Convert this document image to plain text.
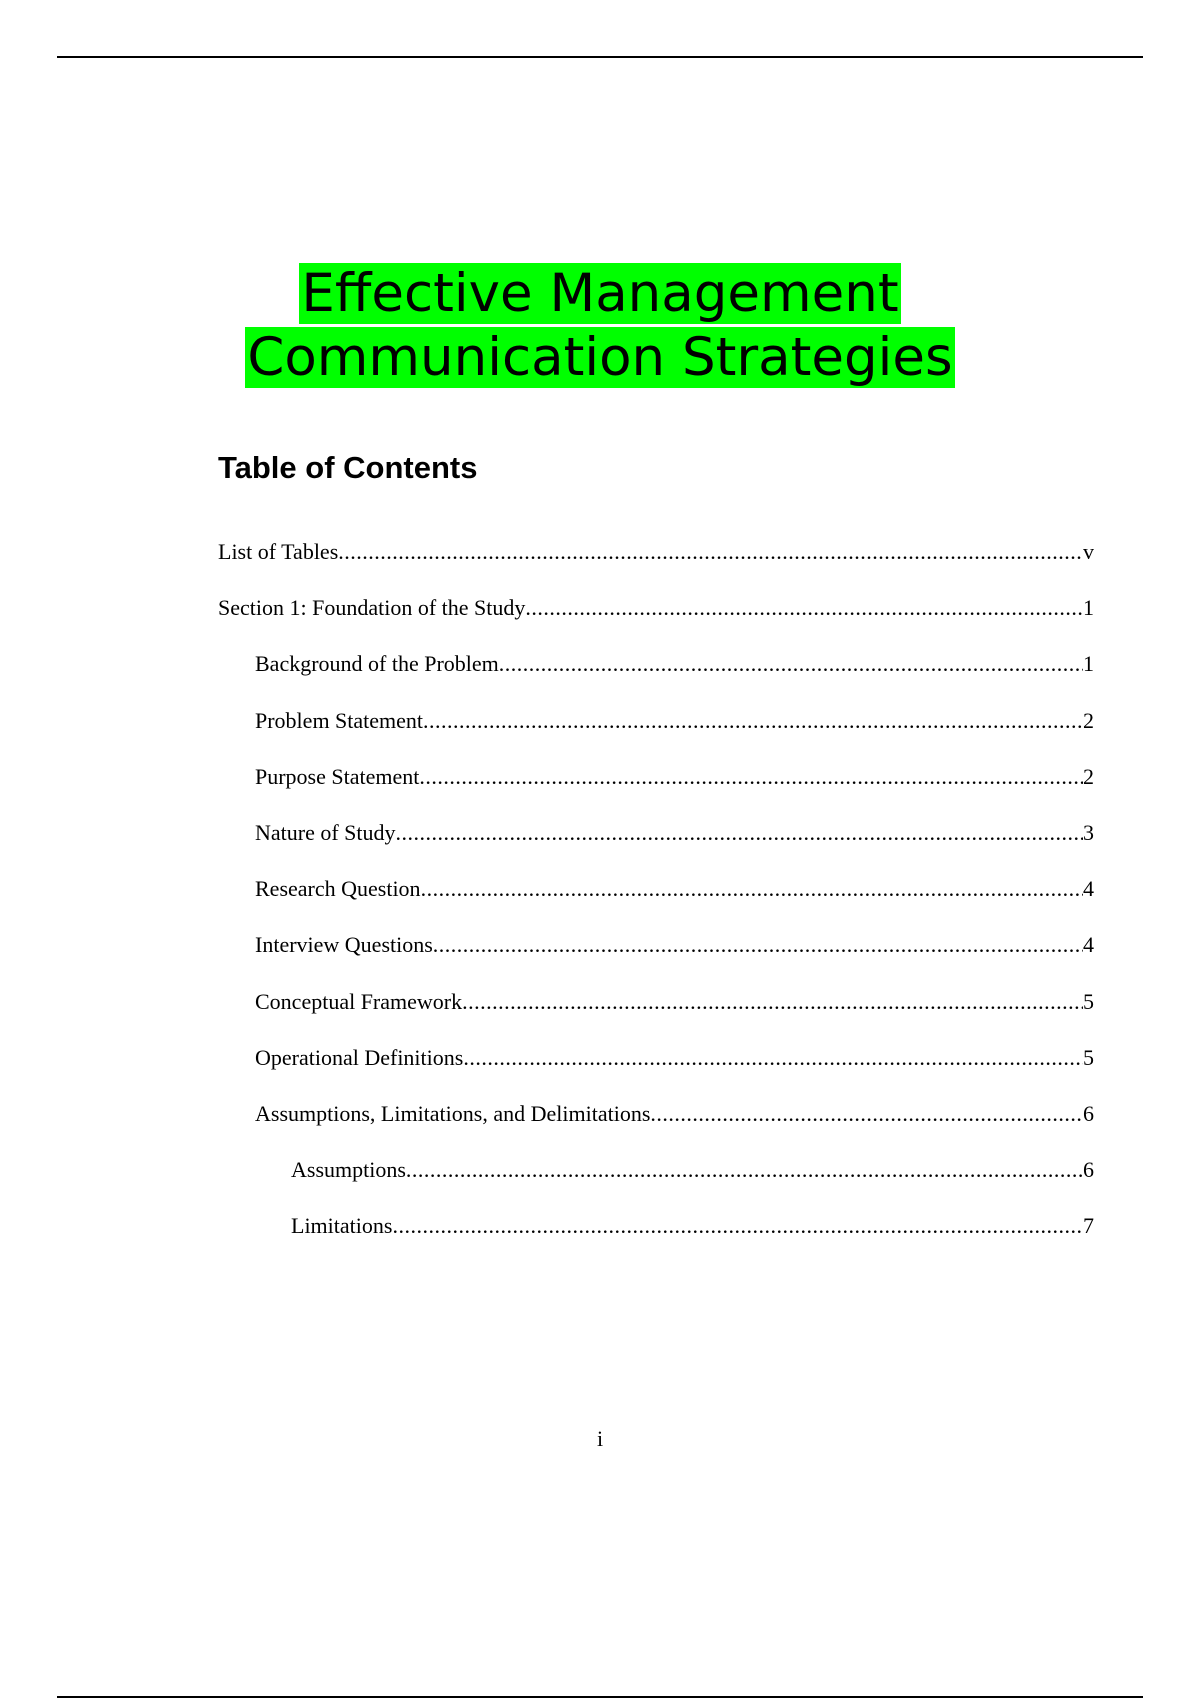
Effective Management
Communication Strategies
Table of Contents
List of Tables .....	v
Section 1: Foundation of the Study .....	1
Background of the Problem .....	1
Problem Statement .....	2
Purpose Statement .....	2
Nature of Study .....	3
Research Question .....	4
Interview Questions .....	4
Conceptual Framework .....	5
Operational Definitions .....	5
Assumptions, Limitations, and Delimitations .....	6
Assumptions .....	6
Limitations .....	7
i
